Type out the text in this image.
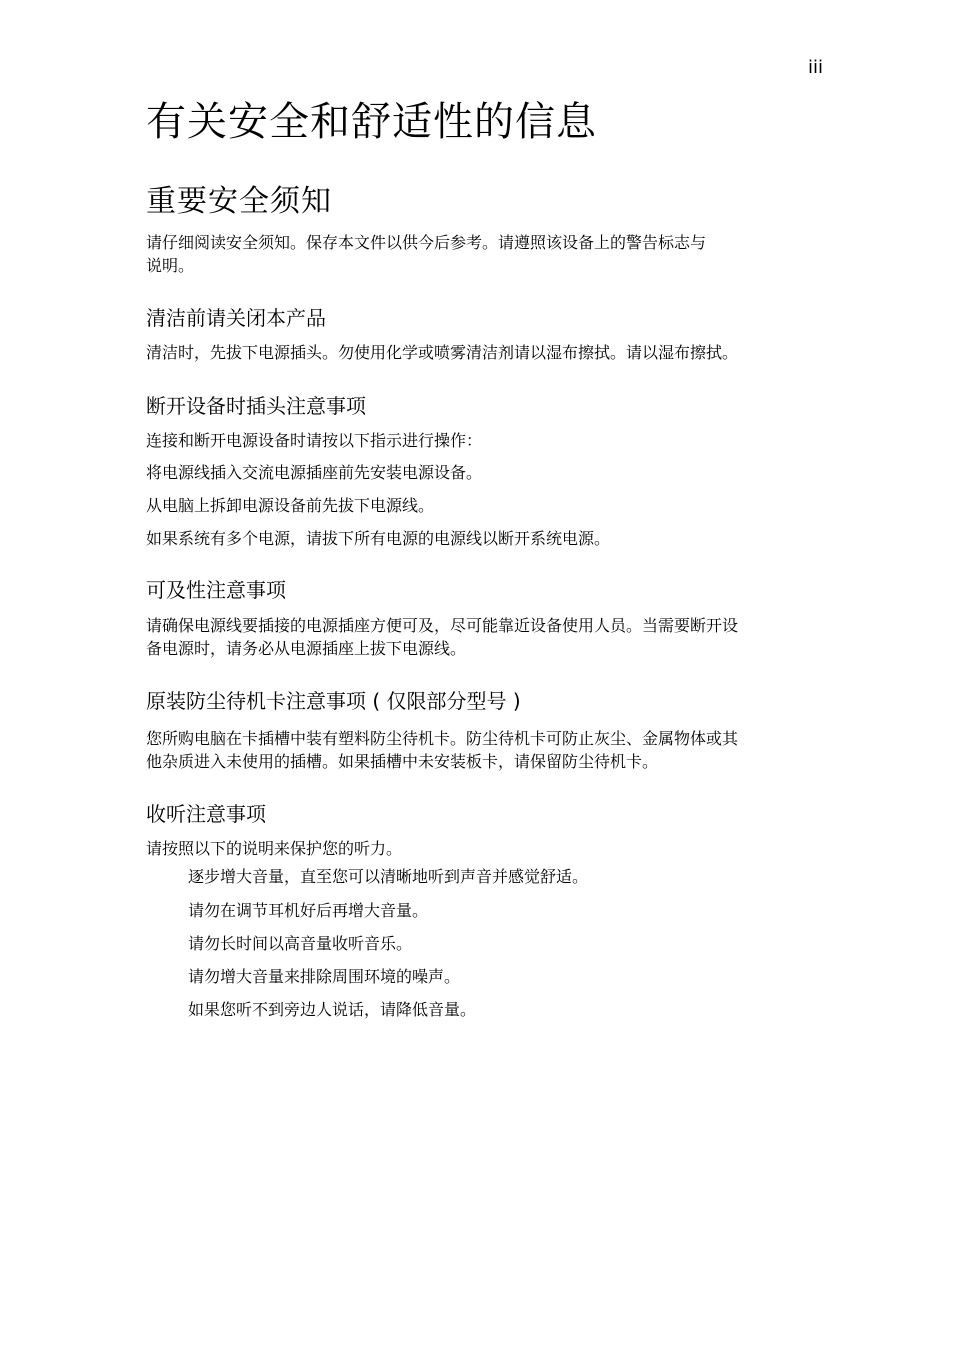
iii
有关安全和舒适性的信息
重要安全须知
请仔细阅读安全须知。保存本文件以供今后参考。请遵照该设备上的警告标志与
说明。
清洁前请关闭本产品
清洁时，先拔下电源插头。勿使用化学或喷雾清洁剂请以湿布擦拭。请以湿布擦拭。
断开设备时插头注意事项
连接和断开电源设备时请按以下指示进行操作：
将电源线插入交流电源插座前先安装电源设备。
从电脑上拆卸电源设备前先拔下电源线。
如果系统有多个电源，请拔下所有电源的电源线以断开系统电源。
可及性注意事项
请确保电源线要插接的电源插座方便可及，尽可能靠近设备使用人员。当需要断开设
备电源时，请务必从电源插座上拔下电源线。
原装防尘待机卡注意事项 ( 仅限部分型号 )
您所购电脑在卡插槽中装有塑料防尘待机卡。防尘待机卡可防止灰尘、金属物体或其
他杂质进入未使用的插槽。如果插槽中未安装板卡，请保留防尘待机卡。
收听注意事项
请按照以下的说明来保护您的听力。
逐步增大音量，直至您可以清晰地听到声音并感觉舒适。
请勿在调节耳机好后再增大音量。
请勿长时间以高音量收听音乐。
请勿增大音量来排除周围环境的噪声。
如果您听不到旁边人说话，请降低音量。
